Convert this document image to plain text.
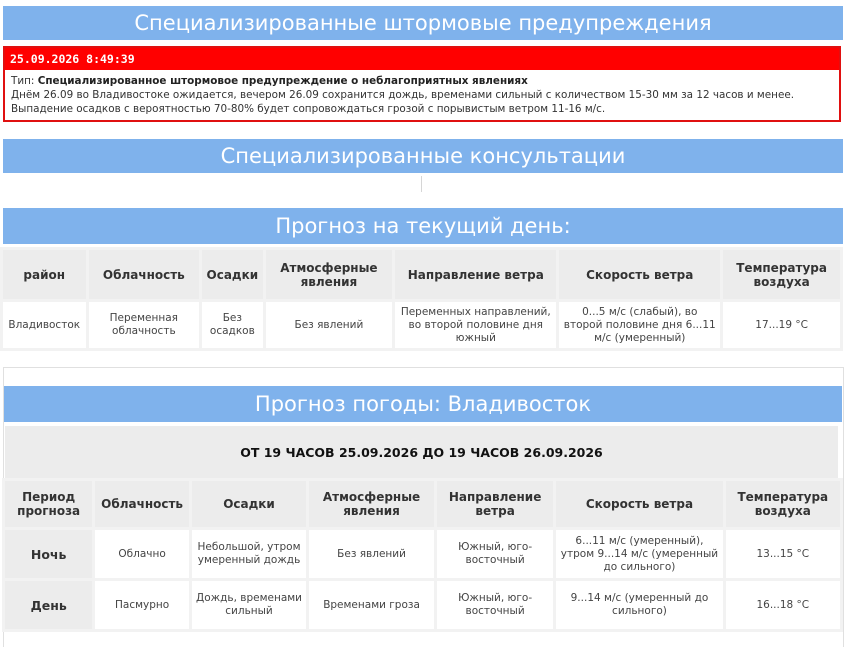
Специализированные штормовые предупреждения
25.09.2026 8:49:39
Тип: Специализированное штормовое предупреждение о неблагоприятных явлениях
Днём 26.09 во Владивостоке ожидается, вечером 26.09 сохранится дождь, временами сильный с количеством 15-30 мм за 12 часов и менее. Выпадение осадков с вероятностью 70-80% будет сопровождаться грозой с порывистым ветром 11-16 м/с.
Специализированные консультации
Прогноз на текущий день:
район	Облачность	Осадки	Атмосферные явления	Направление ветра	Скорость ветра	Температура воздуха
Владивосток	Переменная облачность	Без осадков	Без явлений	Переменных направлений, во второй половине дня южный	0...5 м/с (слабый), во второй половине дня 6...11 м/с (умеренный)	17...19 °С
Прогноз погоды: Владивосток
ОТ 19 ЧАСОВ 25.09.2026 ДО 19 ЧАСОВ 26.09.2026
Период прогноза	Облачность	Осадки	Атмосферные явления	Направление ветра	Скорость ветра	Температура воздуха
Ночь	Облачно	Небольшой, утром умеренный дождь	Без явлений	Южный, юго-восточный	6...11 м/с (умеренный), утром 9...14 м/с (умеренный до сильного)	13...15 °С
День	Пасмурно	Дождь, временами сильный	Временами гроза	Южный, юго-восточный	9...14 м/с (умеренный до сильного)	16...18 °С
